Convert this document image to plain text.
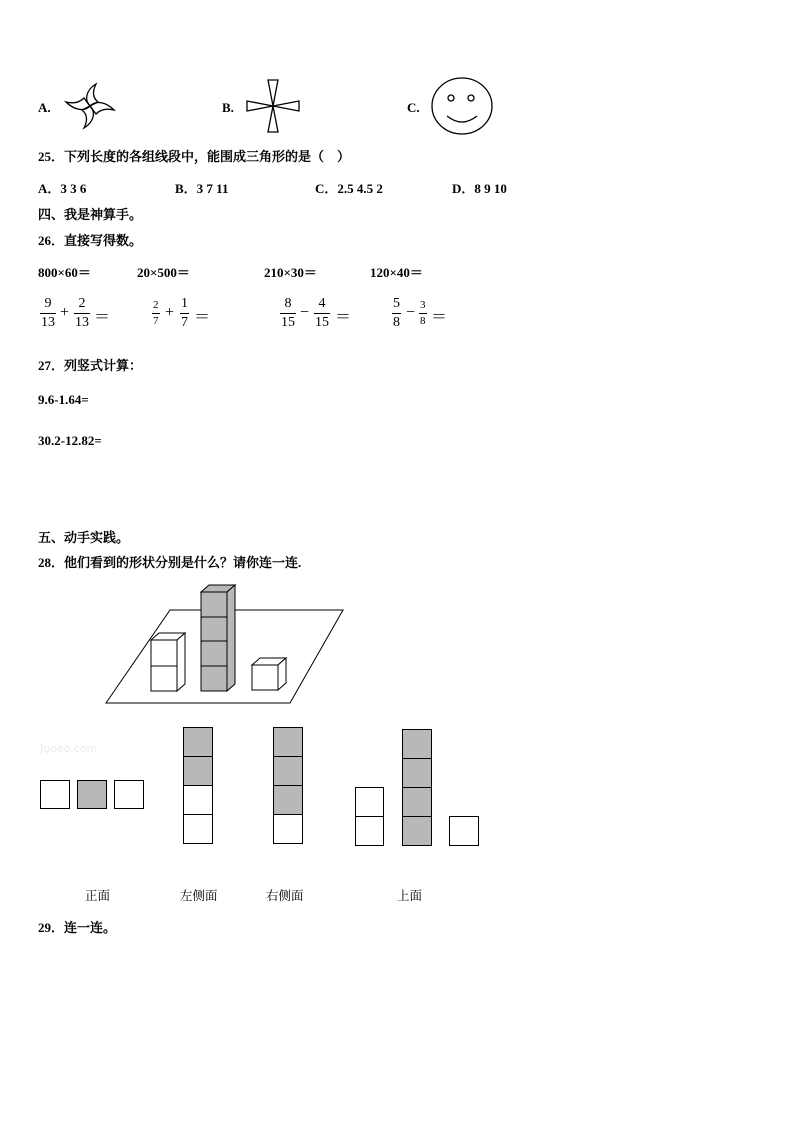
A.	B.	C.
25．下列长度的各组线段中，能围成三角形的是（　）
A．3 3 6	B．3 7 11	C．2.5 4.5 2	D．8 9 10
四、我是神算手。
26．直接写得数。
800×60＝	20×500＝	210×30＝	120×40＝
9
13
+
2
13 ＝
2
7 +
1
7 ＝
8
15
−
4
15 ＝
5
8
− 3
8 ＝
27．列竖式计算：
9.6-1.64=
30.2-12.82=
五、动手实践。
28．他们看到的形状分别是什么？请你连一连.
Jgoeo.com
正面	左侧面	右侧面	上面
29．连一连。
